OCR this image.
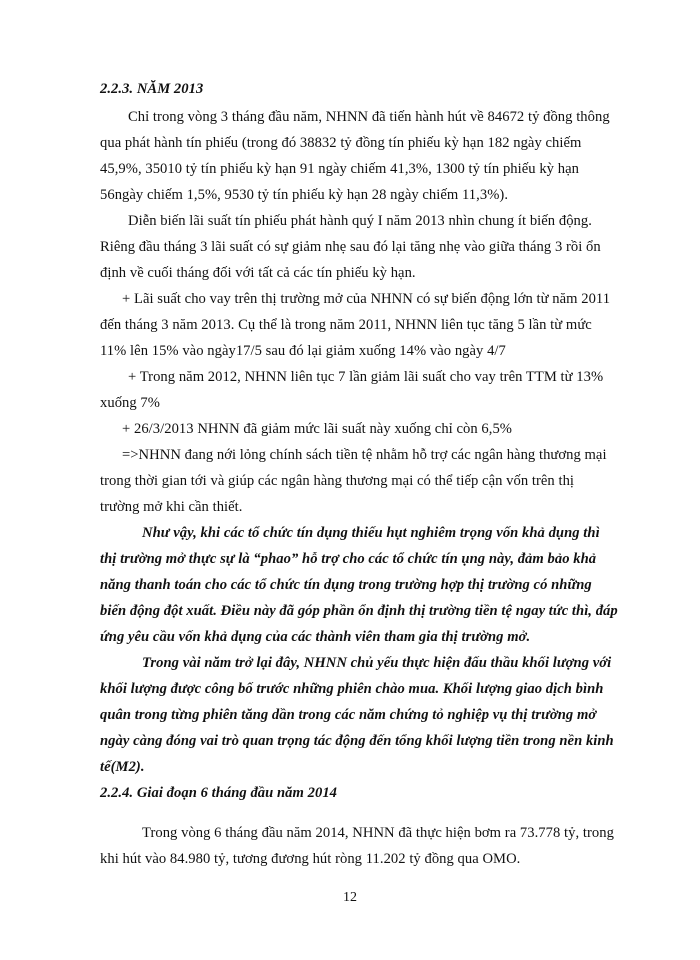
2.2.3. NĂM 2013
Chỉ trong vòng 3 tháng đầu năm, NHNN đã tiến hành hút về 84672 tỷ đồng thông
qua phát hành tín phiếu (trong đó 38832 tỷ đồng tín phiếu kỳ hạn 182 ngày chiếm
45,9%, 35010 tỷ tín phiếu kỳ hạn 91 ngày chiếm 41,3%, 1300 tỷ tín phiếu kỳ hạn
56ngày chiếm 1,5%, 9530 tỷ tín phiếu kỳ hạn 28 ngày chiếm 11,3%).
Diễn biến lãi suất tín phiếu phát hành quý I năm 2013 nhìn chung ít biến động.
Riêng đầu tháng 3 lãi suất có sự giảm nhẹ sau đó lại tăng nhẹ vào giữa tháng 3 rồi ổn
định về cuối tháng đối với tất cả các tín phiếu kỳ hạn.
+ Lãi suất cho vay trên thị trường mở của NHNN có sự biến động lớn từ năm 2011
đến tháng 3 năm 2013. Cụ thể là trong năm 2011, NHNN liên tục tăng 5 lần từ mức
11% lên 15% vào ngày17/5 sau đó lại giảm xuống 14% vào ngày 4/7
+ Trong năm 2012, NHNN liên tục 7 lần giảm lãi suất cho vay trên TTM từ 13%
xuống 7%
+ 26/3/2013 NHNN đã giảm mức lãi suất này xuống chỉ còn 6,5%
=>NHNN đang nới lỏng chính sách tiền tệ nhằm hỗ trợ các ngân hàng thương mại
trong thời gian tới và giúp các ngân hàng thương mại có thể tiếp cận vốn trên thị
trường mở khi cần thiết.
Như vậy, khi các tổ chức tín dụng thiếu hụt nghiêm trọng vốn khả dụng thì
thị trường mở thực sự là “phao” hỗ trợ cho các tổ chức tín ụng này, đảm bảo khả
năng thanh toán cho các tổ chức tín dụng trong trường hợp thị trường có những
biến động đột xuất. Điều này đã góp phần ổn định thị trường tiền tệ ngay tức thì, đáp
ứng yêu cầu vốn khả dụng của các thành viên tham gia thị trường mở.
Trong vài năm trở lại đây, NHNN chủ yếu thực hiện đấu thầu khối lượng với
khối lượng được công bố trước những phiên chào mua. Khối lượng giao dịch bình
quân trong từng phiên tăng dần trong các năm chứng tỏ nghiệp vụ thị trường mở
ngày càng đóng vai trò quan trọng tác động đến tổng khối lượng tiền trong nền kinh
tế(M2).
2.2.4. Giai đoạn 6 tháng đầu năm 2014
Trong vòng 6 tháng đầu năm 2014, NHNN đã thực hiện bơm ra 73.778 tỷ, trong
khi hút vào 84.980 tỷ, tương đương hút ròng 11.202 tỷ đồng qua OMO.
12
